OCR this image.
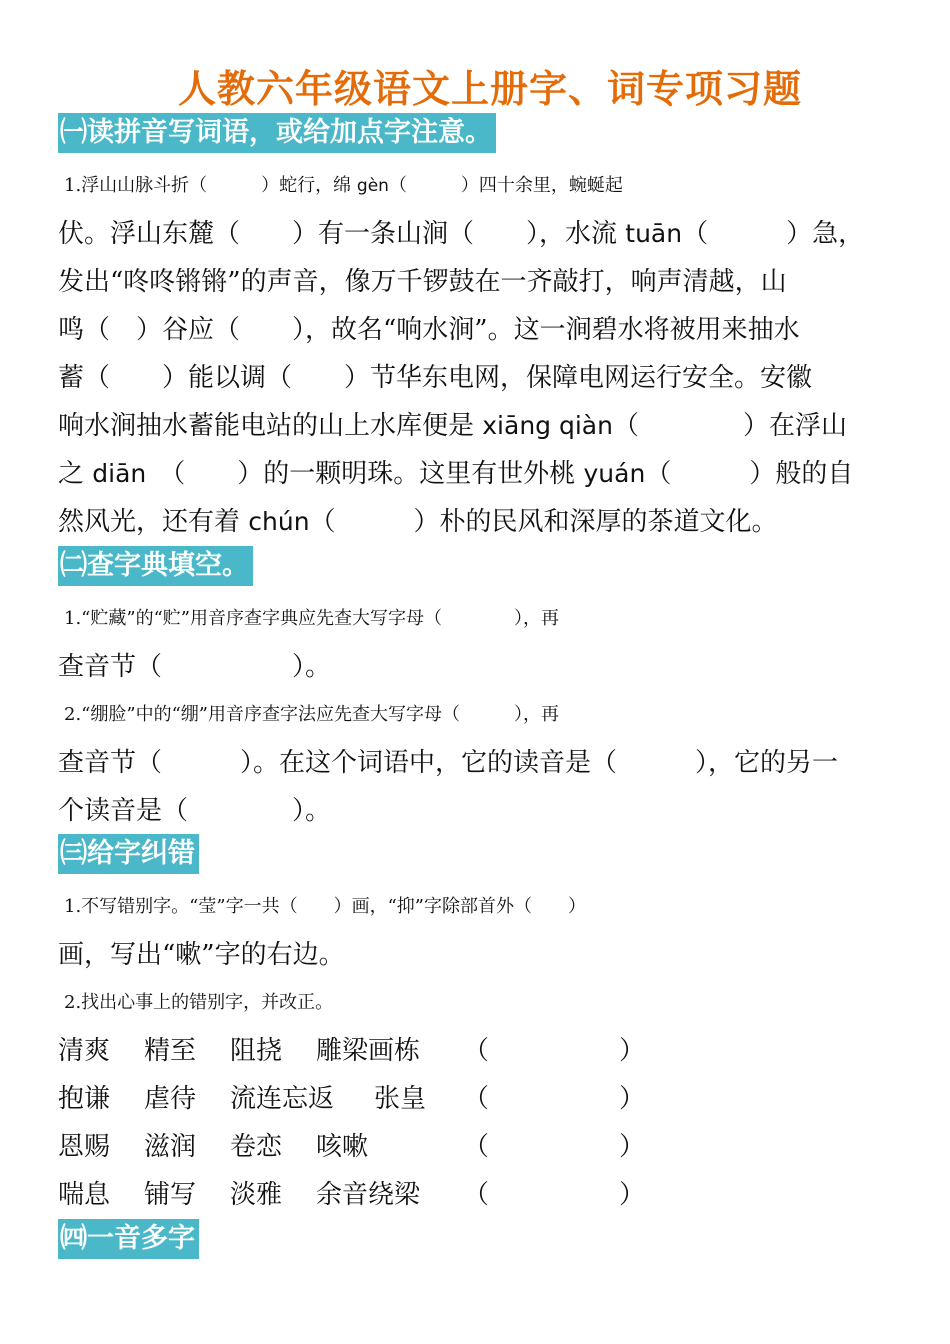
人教六年级语文上册字、词专项习题
㈠读拼音写词语，或给加点字注意。
1.浮山山脉斗折（　　　）蛇行，绵 gèn（　　　）四十余里，蜿蜒起
伏。浮山东麓（　　）有一条山涧（　　），水流 tuān（　　　）急，
发出“咚咚锵锵”的声音，像万千锣鼓在一齐敲打，响声清越，山
鸣（　）谷应（　　），故名“响水涧”。这一涧碧水将被用来抽水
蓄（　　）能以调（　　）节华东电网，保障电网运行安全。安徽
响水涧抽水蓄能电站的山上水库便是 xiāng qiàn（　　　　）在浮山
之 diān　（　　）的一颗明珠。这里有世外桃 yuán（　　　）般的自
然风光，还有着 chún（　　　）朴的民风和深厚的茶道文化。
㈡查字典填空。
1.“贮藏”的“贮”用音序查字典应先查大写字母（　　　　），再
查音节（　　　　　）。
2.“绷脸”中的“绷”用音序查字法应先查大写字母（　　　），再
查音节（　　　）。在这个词语中，它的读音是（　　　），它的另一
个读音是（　　　　）。
㈢给字纠错
1.不写错别字。“莹”字一共（　　）画，“抑”字除部首外（　　）
画，写出“嗽”字的右边。
2.找出心事上的错别字，并改正。
清爽 精至 阻挠 雕梁画栋 （　　　　　）
抱谦 虐待 流连忘返 张皇 （　　　　　）
恩赐 滋润 卷恋 咳嗽	（　　　　　）
喘息 铺写 淡雅 余音绕梁 （　　　　　）
㈣一音多字
